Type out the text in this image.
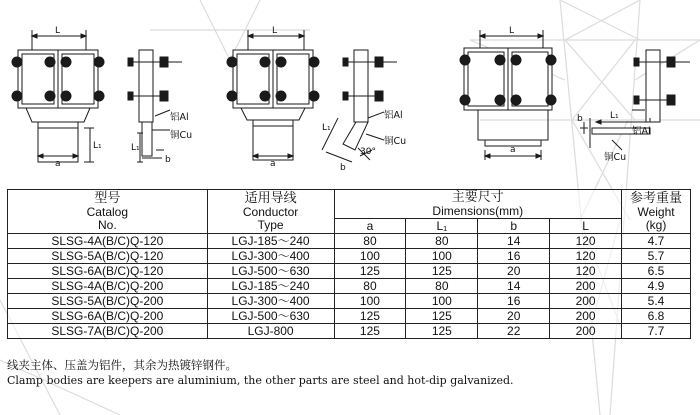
L
a
L₁	L₁
b
铝Al
铜Cu
L
a
L₁
b
30°
铝Al
铜Cu
L
a
L₁
b
铝Al
铜Cu
型号
Catalog
No.	适用导线
Conductor
Type	主要尺寸
Dimensions(mm)				参考重量
Weight
(kg)

		a	L₁	b	L	
SLSG-4A(B/C)Q-120	LGJ-185～240	80	80	14	120	4.7
SLSG-5A(B/C)Q-120	LGJ-300～400	100	100	16	120	5.7
SLSG-6A(B/C)Q-120	LGJ-500～630	125	125	20	120	6.5
SLSG-4A(B/C)Q-200	LGJ-185～240	80	80	14	200	4.9
SLSG-5A(B/C)Q-200	LGJ-300～400	100	100	16	200	5.4
SLSG-6A(B/C)Q-200	LGJ-500～630	125	125	20	200	6.8
SLSG-7A(B/C)Q-200	LGJ-800	125	125	22	200	7.7
线夹主体、压盖为铝件，其余为热镀锌钢件。
Clamp bodies are keepers are aluminium, the other parts are steel and hot-dip galvanized.
